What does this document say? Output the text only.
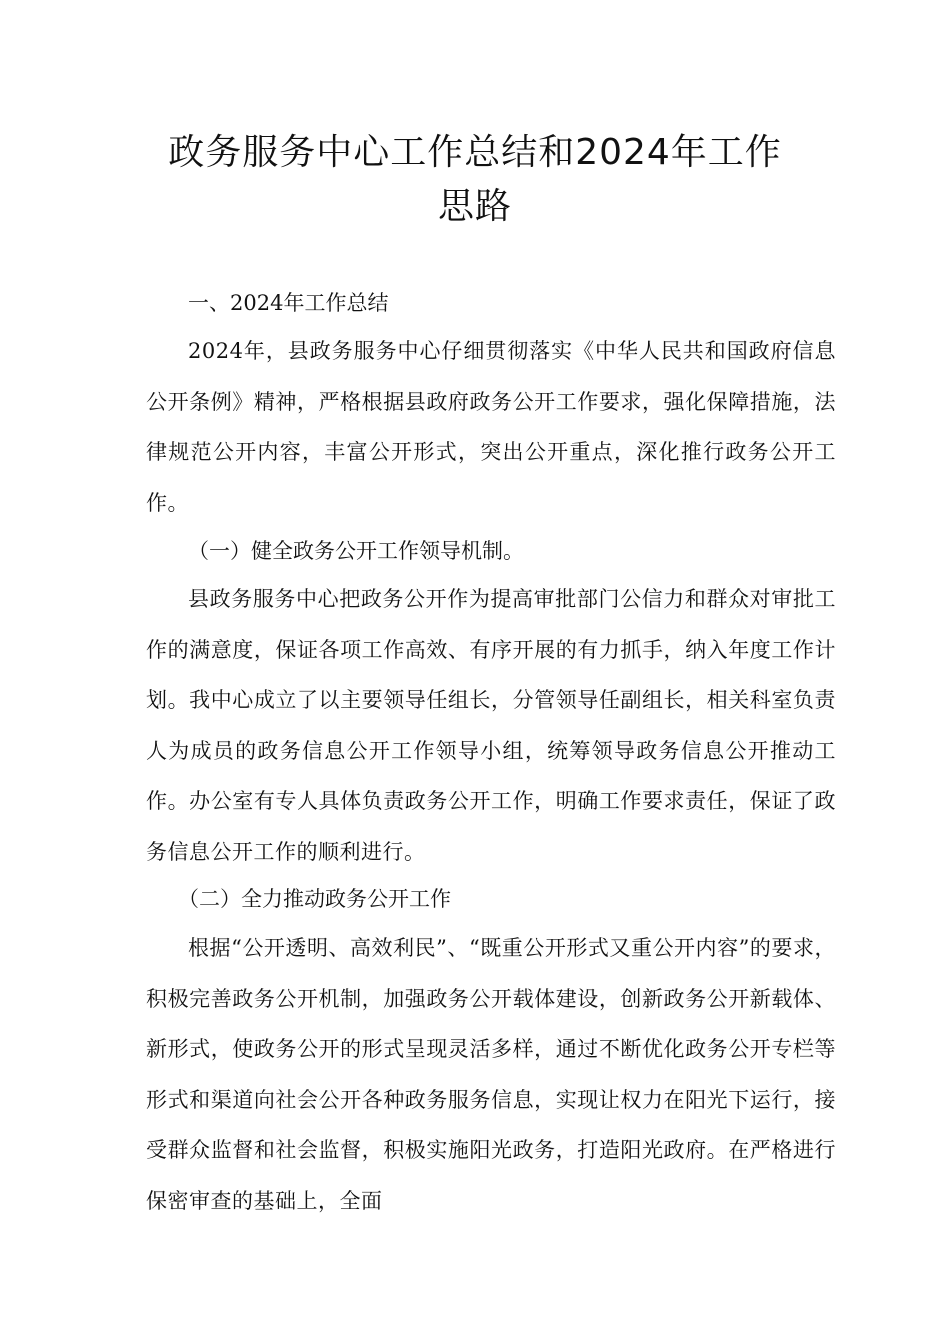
政务服务中心工作总结和2024年工作
思路
一、2024年工作总结
2024年，县政务服务中心仔细贯彻落实《中华人民共和国政府信息公开条例》精神，严格根据县政府政务公开工作要求，强化保障措施，法律规范公开内容，丰富公开形式，突出公开重点，深化推行政务公开工作。
（一）健全政务公开工作领导机制。
县政务服务中心把政务公开作为提高审批部门公信力和群众对审批工作的满意度，保证各项工作高效、有序开展的有力抓手，纳入年度工作计划。我中心成立了以主要领导任组长，分管领导任副组长，相关科室负责人为成员的政务信息公开工作领导小组，统筹领导政务信息公开推动工作。办公室有专人具体负责政务公开工作，明确工作要求责任，保证了政务信息公开工作的顺利进行。
（二）全力推动政务公开工作
根据“公开透明、高效利民”、“既重公开形式又重公开内容”的要求，积极完善政务公开机制，加强政务公开载体建设，创新政务公开新载体、新形式，使政务公开的形式呈现灵活多样，通过不断优化政务公开专栏等形式和渠道向社会公开各种政务服务信息，实现让权力在阳光下运行，接受群众监督和社会监督，积极实施阳光政务，打造阳光政府。在严格进行保密审查的基础上，全面
